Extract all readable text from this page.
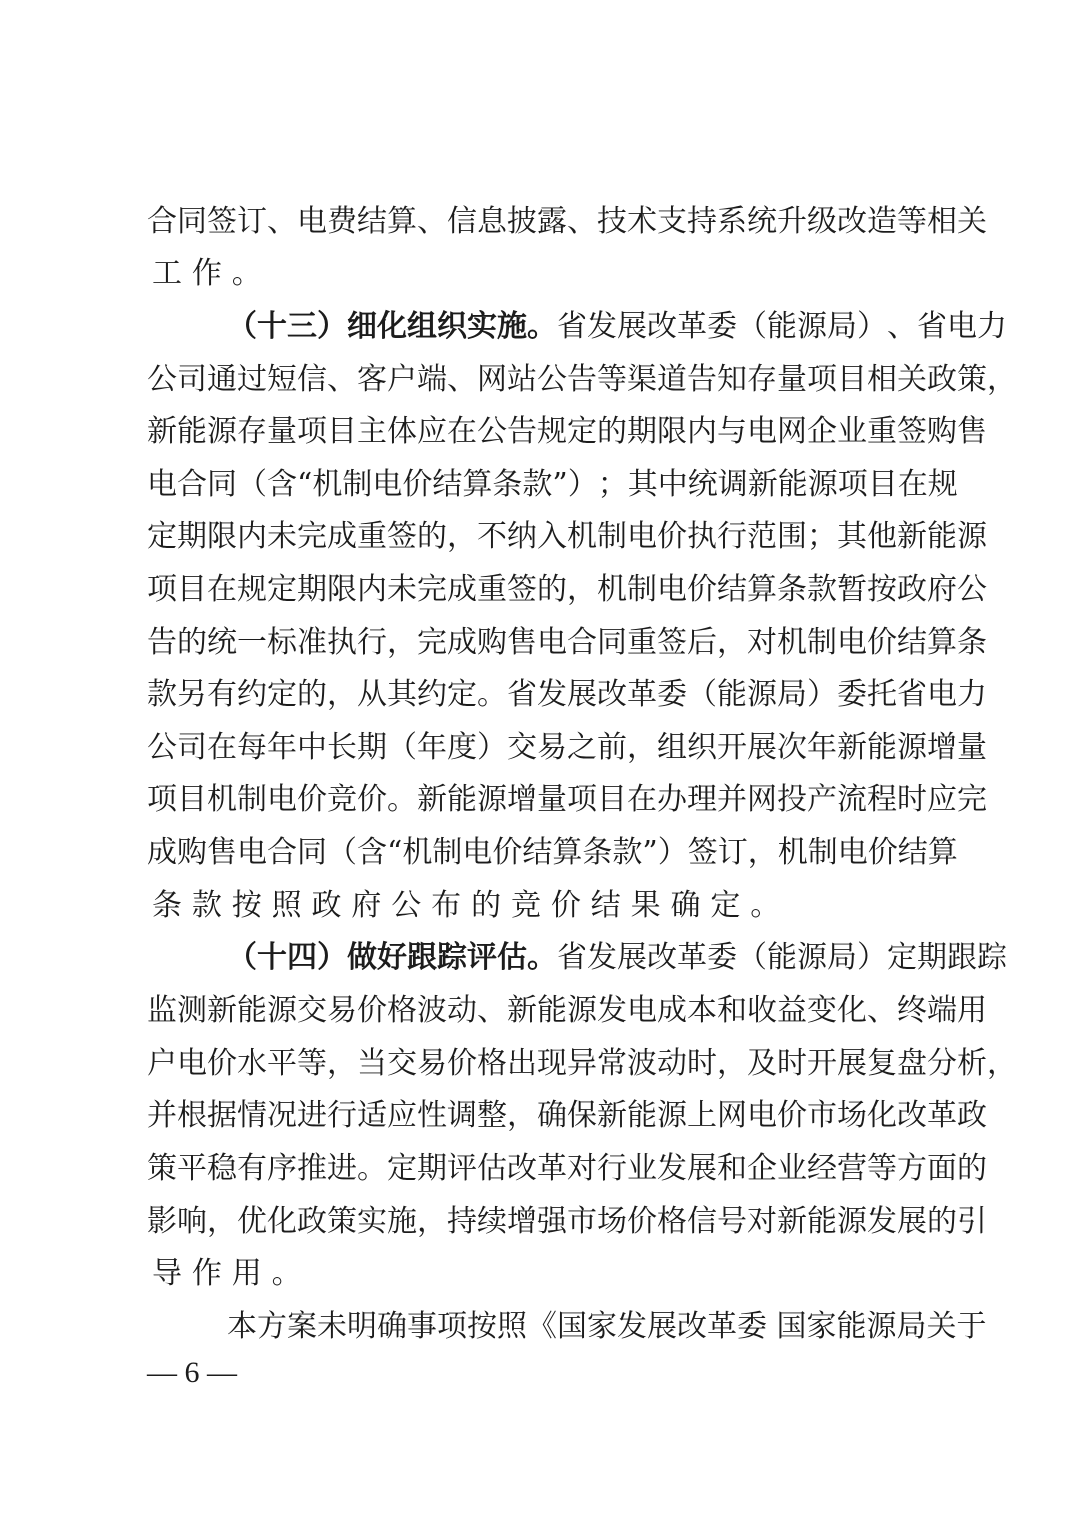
合 同 签 订 、 电 费 结 算 、 信 息 披 露 、 技 术 支 持 系 统 升 级 改 造 等 相 关
工 作 。
（ 十 三 ） 细 化 组 织 实 施 。 省 发 展 改 革 委 （ 能 源 局 ） 、 省 电 力
公 司 通 过 短 信 、 客 户 端 、 网 站 公 告 等 渠 道 告 知 存 量 项 目 相 关 政 策 ，
新 能 源 存 量 项 目 主 体 应 在 公 告 规 定 的 期 限 内 与 电 网 企 业 重 签 购 售
电 合 同 （ 含 “ 机 制 电 价 结 算 条 款 ” ） ； 其 中 统 调 新 能 源 项 目 在 规
定 期 限 内 未 完 成 重 签 的 ， 不 纳 入 机 制 电 价 执 行 范 围 ； 其 他 新 能 源
项 目 在 规 定 期 限 内 未 完 成 重 签 的 ， 机 制 电 价 结 算 条 款 暂 按 政 府 公
告 的 统 一 标 准 执 行 ， 完 成 购 售 电 合 同 重 签 后 ， 对 机 制 电 价 结 算 条
款 另 有 约 定 的 ， 从 其 约 定 。 省 发 展 改 革 委 （ 能 源 局 ） 委 托 省 电 力
公 司 在 每 年 中 长 期 （ 年 度 ） 交 易 之 前 ， 组 织 开 展 次 年 新 能 源 增 量
项 目 机 制 电 价 竞 价 。 新 能 源 增 量 项 目 在 办 理 并 网 投 产 流 程 时 应 完
成 购 售 电 合 同 （ 含 “ 机 制 电 价 结 算 条 款 ” ） 签 订 ， 机 制 电 价 结 算
条 款 按 照 政 府 公 布 的 竞 价 结 果 确 定 。
（ 十 四 ） 做 好 跟 踪 评 估 。 省 发 展 改 革 委 （ 能 源 局 ） 定 期 跟 踪
监 测 新 能 源 交 易 价 格 波 动 、 新 能 源 发 电 成 本 和 收 益 变 化 、 终 端 用
户 电 价 水 平 等 ， 当 交 易 价 格 出 现 异 常 波 动 时 ， 及 时 开 展 复 盘 分 析 ，
并 根 据 情 况 进 行 适 应 性 调 整 ， 确 保 新 能 源 上 网 电 价 市 场 化 改 革 政
策 平 稳 有 序 推 进 。 定 期 评 估 改 革 对 行 业 发 展 和 企 业 经 营 等 方 面 的
影 响 ， 优 化 政 策 实 施 ， 持 续 增 强 市 场 价 格 信 号 对 新 能 源 发 展 的 引
导 作 用 。
本 方 案 未 明 确 事 项 按 照 《 国 家 发 展 改 革 委
国 家 能 源 局 关 于
— 6 —
